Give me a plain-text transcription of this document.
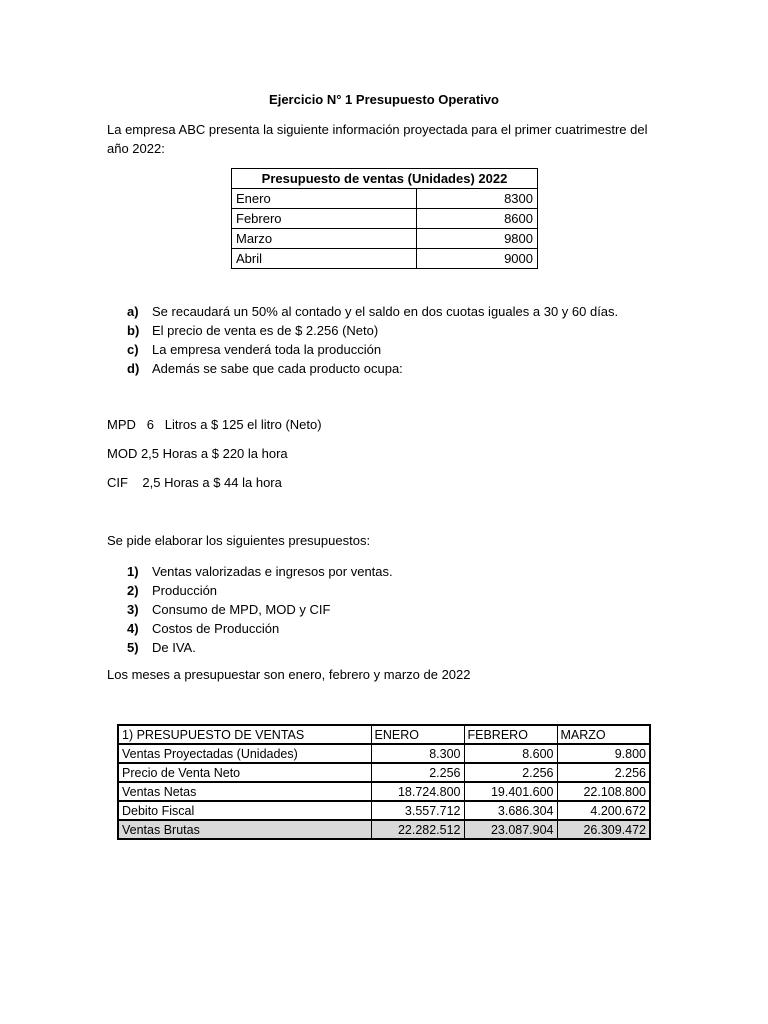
Ejercicio N° 1 Presupuesto Operativo
La empresa ABC presenta la siguiente información proyectada para el primer cuatrimestre del año 2022:
Presupuesto de ventas (Unidades) 2022	
Enero	8300
Febrero	8600
Marzo	9800
Abril	9000
a)	Se recaudará un 50% al contado y el saldo en dos cuotas iguales a 30 y 60 días.
b) El precio de venta es de $ 2.256 (Neto)
c)	La empresa venderá toda la producción
d) Además se sabe que cada producto ocupa:
MPD   6   Litros a $ 125 el litro (Neto)
MOD 2,5 Horas a $ 220 la hora
CIF    2,5 Horas a $ 44 la hora
Se pide elaborar los siguientes presupuestos:
1)	Ventas valorizadas e ingresos por ventas.
2)	Producción
3)	Consumo de MPD, MOD y CIF
4)	Costos de Producción
5)	De IVA.
Los meses a presupuestar son enero, febrero y marzo de 2022
1) PRESUPUESTO DE VENTAS	ENERO	FEBRERO	MARZO
Ventas Proyectadas (Unidades)	8.300	8.600	9.800
Precio de Venta Neto	2.256	2.256	2.256
Ventas Netas	18.724.800	19.401.600	22.108.800
Debito Fiscal	3.557.712	3.686.304	4.200.672
Ventas Brutas	22.282.512	23.087.904	26.309.472
